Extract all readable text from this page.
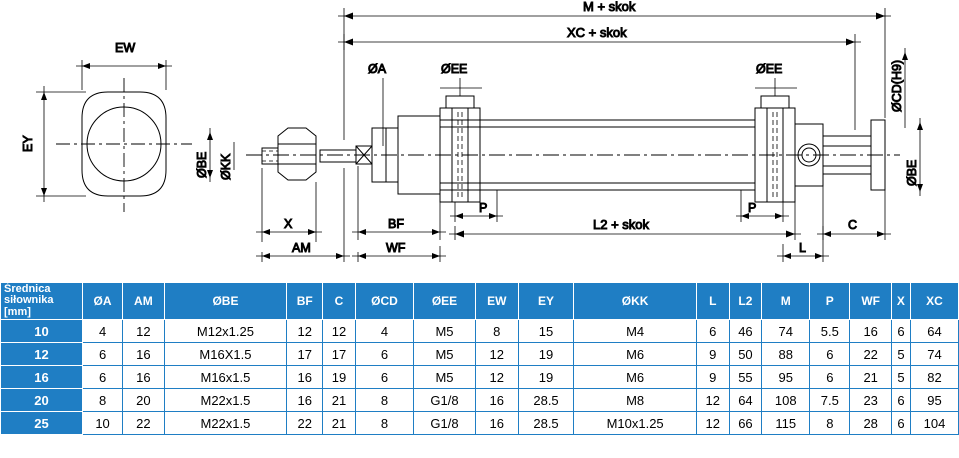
EW
EY
M + skok
XC + skok
ØA	ØEE	ØEE	ØCD(H9)
ØBE
ØBE ØKK
X
AM
BF
WF
P
L2 + skok
P
L
C
Średnica
siłownika
[mm]	ØA	AM	ØBE	BF	C	ØCD	ØEE	EW	EY	ØKK	L	L2	M	P	WF	X	XC
10	4	12	M12x1.25	12	12	4	M5	8	15	M4	6	46	74	5.5	16	6	64
12	6	16	M16X1.5	17	17	6	M5	12	19	M6	9	50	88	6	22	5	74
16	6	16	M16x1.5	16	19	6	M5	12	19	M6	9	55	95	6	21	5	82
20	8	20	M22x1.5	16	21	8	G1/8	16	28.5	M8	12	64	108	7.5	23	6	95
25	10	22	M22x1.5	22	21	8	G1/8	16	28.5	M10x1.25	12	66	115	8	28	6	104
